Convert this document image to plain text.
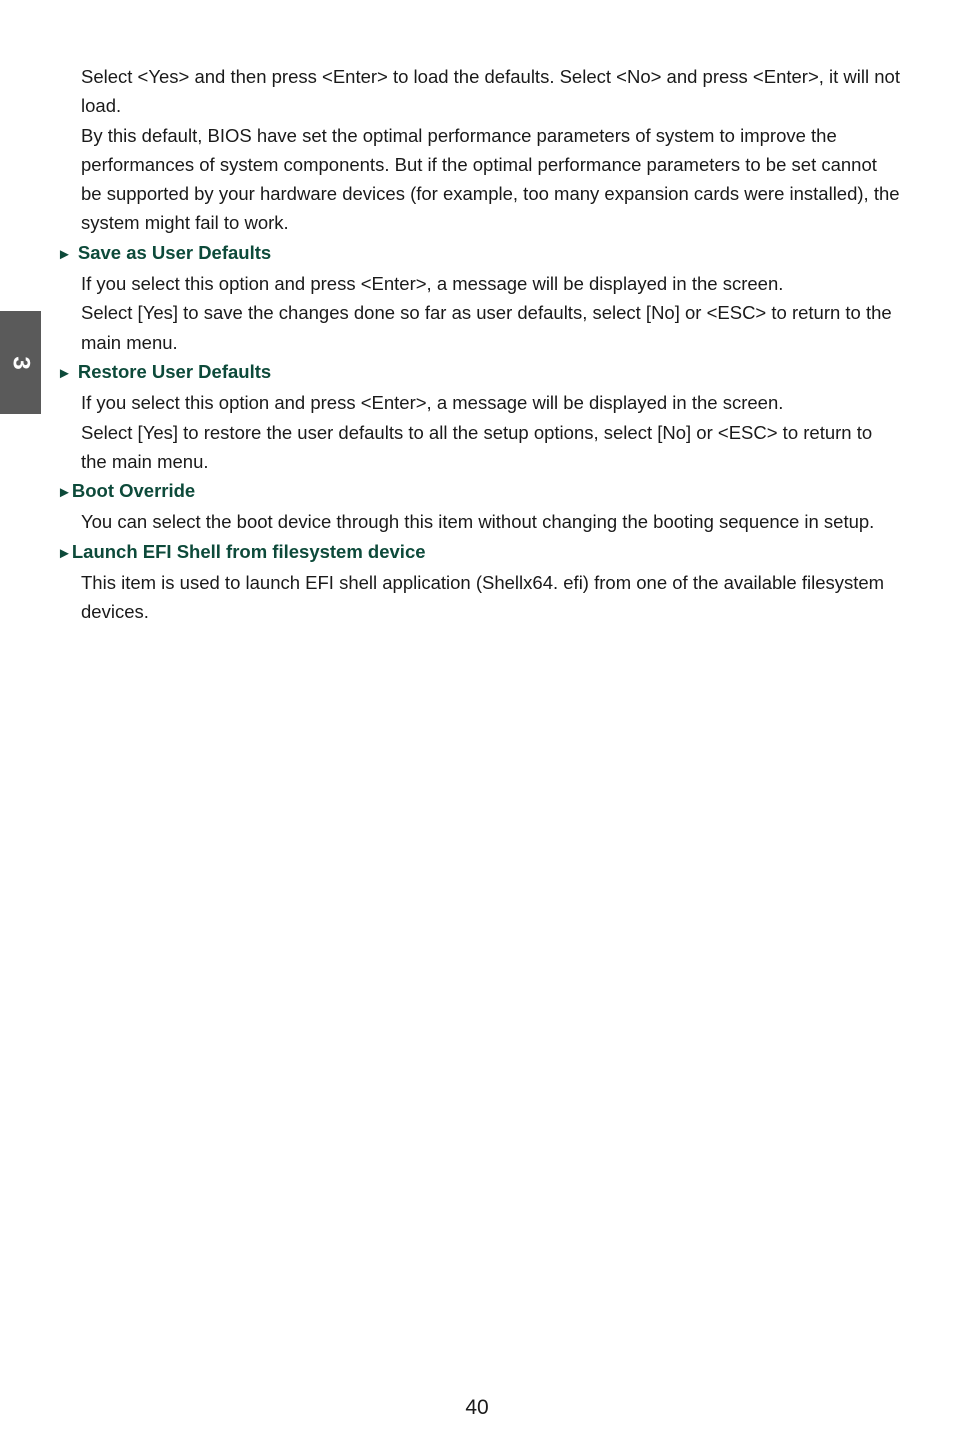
3

Select <Yes> and then press <Enter> to load the defaults. Select <No> and press <Enter>, it will not load.

By this default, BIOS have set the optimal performance parameters of system to improve the performances of system components. But if the optimal performance parameters to be set cannot be supported by your hardware devices (for example, too many expansion cards were installed), the system might fail to work.

► Save as User Defaults

If you select this option and press <Enter>, a message will be displayed in the screen.

Select [Yes] to save the changes done so far as user defaults, select [No] or <ESC> to return to the main menu.

► Restore User Defaults

If you select this option and press <Enter>, a message will be displayed in the screen.

Select [Yes] to restore the user defaults to all the setup options, select [No] or <ESC> to return to the main menu.

►Boot Override

You can select the boot device through this item without changing the booting sequence in setup.

►Launch EFI Shell from filesystem device

This item is used to launch EFI shell application (Shellx64. efi) from one of the available filesystem devices.

40
